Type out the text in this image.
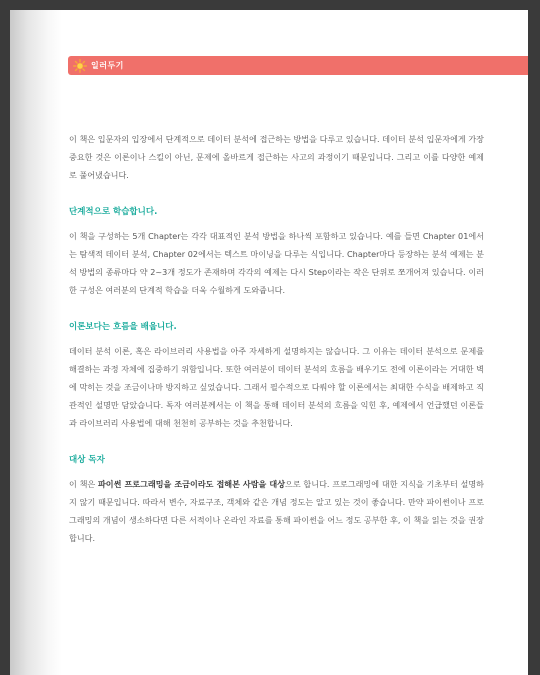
일러두기

이 책은 입문자의 입장에서 단계적으로 데이터 분석에 접근하는 방법을 다루고 있습니다. 데이터 분석 입문자에게 가장 중요한 것은 이론이나 스킬이 아닌, 문제에 올바르게 접근하는 사고의 과정이기 때문입니다. 그리고 이를 다양한 예제로 풀어냈습니다.

단계적으로 학습합니다.

이 책을 구성하는 5개 Chapter는 각각 대표적인 분석 방법을 하나씩 포함하고 있습니다. 예를 들면 Chapter 01에서는 탐색적 데이터 분석, Chapter 02에서는 텍스트 마이닝을 다루는 식입니다. Chapter마다 등장하는 분석 예제는 분석 방법의 종류마다 약 2~3개 정도가 존재하며 각각의 예제는 다시 Step이라는 작은 단위로 쪼개어져 있습니다. 이러한 구성은 여러분의 단계적 학습을 더욱 수월하게 도와줍니다.

이론보다는 흐름을 배웁니다.

데이터 분석 이론, 혹은 라이브러리 사용법을 아주 자세하게 설명하지는 않습니다. 그 이유는 데이터 분석으로 문제를 해결하는 과정 자체에 집중하기 위함입니다. 또한 여러분이 데이터 분석의 흐름을 배우기도 전에 이론이라는 거대한 벽에 막히는 것을 조금이나마 방지하고 싶었습니다. 그래서 필수적으로 다뤄야 할 이론에서는 최대한 수식을 배제하고 직관적인 설명만 담았습니다. 독자 여러분께서는 이 책을 통해 데이터 분석의 흐름을 익힌 후, 예제에서 언급했던 이론들과 라이브러리 사용법에 대해 천천히 공부하는 것을 추천합니다.

대상 독자

이 책은 파이썬 프로그래밍을 조금이라도 접해본 사람을 대상으로 합니다. 프로그래밍에 대한 지식을 기초부터 설명하지 않기 때문입니다. 따라서 변수, 자료구조, 객체와 같은 개념 정도는 알고 있는 것이 좋습니다. 만약 파이썬이나 프로그래밍의 개념이 생소하다면 다른 서적이나 온라인 자료를 통해 파이썬을 어느 정도 공부한 후, 이 책을 읽는 것을 권장합니다.
